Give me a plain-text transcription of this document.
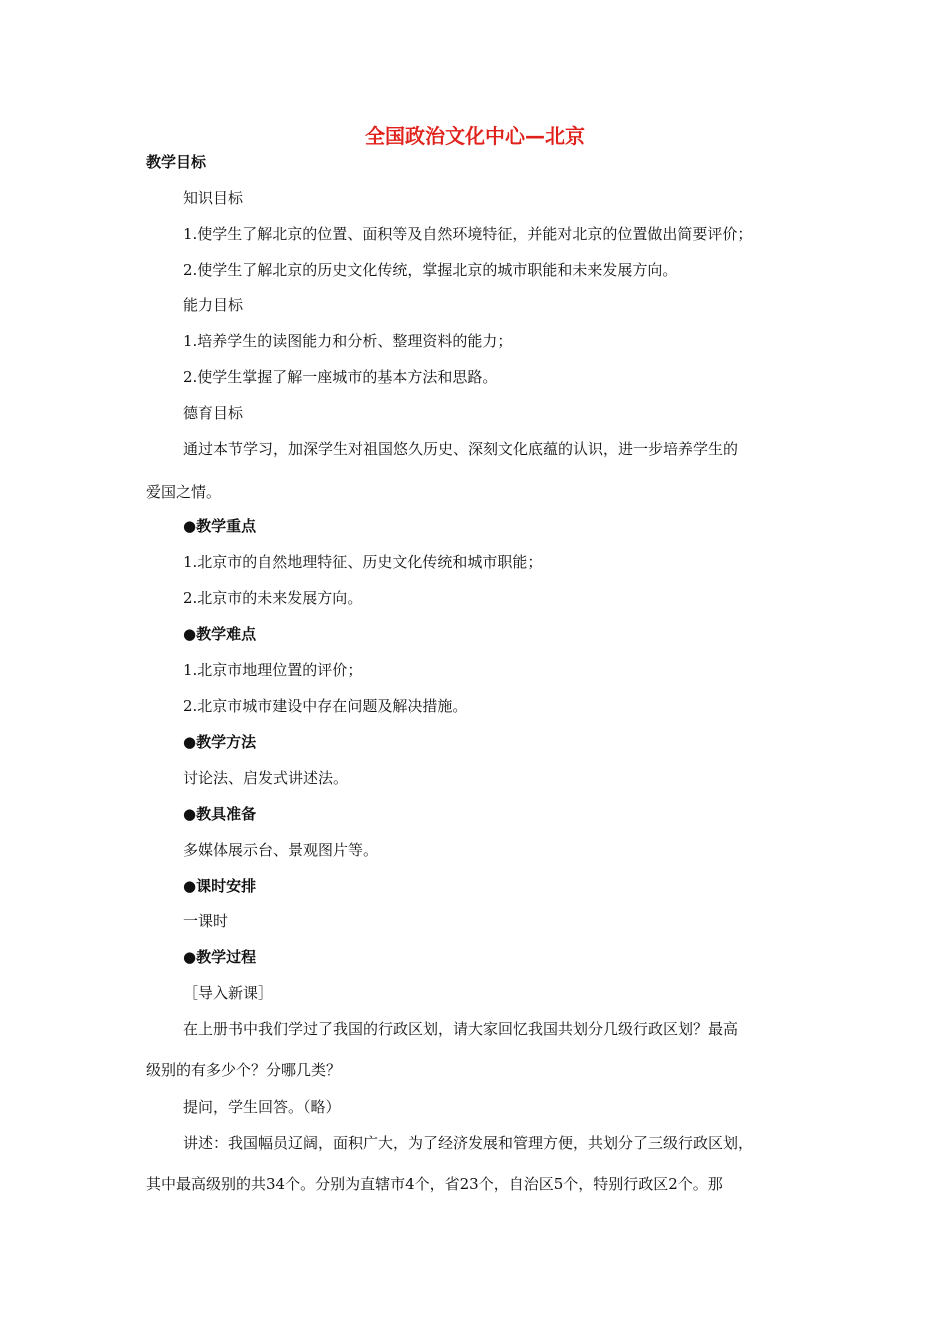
全国政治文化中心—北京
教学目标
知识目标
1.使学生了解北京的位置、面积等及自然环境特征，并能对北京的位置做出简要评价；
2.使学生了解北京的历史文化传统，掌握北京的城市职能和未来发展方向。
能力目标
1.培养学生的读图能力和分析、整理资料的能力；
2.使学生掌握了解一座城市的基本方法和思路。
德育目标
通过本节学习，加深学生对祖国悠久历史、深刻文化底蕴的认识，进一步培养学生的
爱国之情。
●教学重点
1.北京市的自然地理特征、历史文化传统和城市职能；
2.北京市的未来发展方向。
●教学难点
1.北京市地理位置的评价；
2.北京市城市建设中存在问题及解决措施。
●教学方法
讨论法、启发式讲述法。
●教具准备
多媒体展示台、景观图片等。
●课时安排
一课时
●教学过程
［导入新课］
在上册书中我们学过了我国的行政区划，请大家回忆我国共划分几级行政区划？最高
级别的有多少个？分哪几类？
提问，学生回答。（略）
讲述：我国幅员辽阔，面积广大，为了经济发展和管理方便，共划分了三级行政区划，
其中最高级别的共34个。分别为直辖市4个，省23个，自治区5个，特别行政区2个。那
